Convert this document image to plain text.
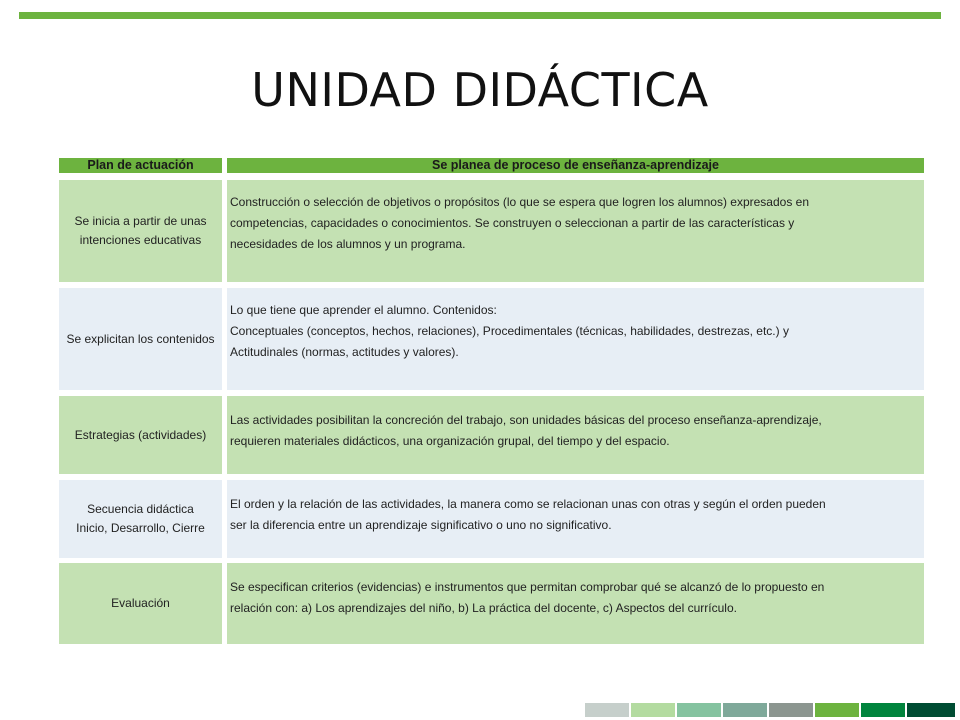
UNIDAD DIDÁCTICA
Plan de actuación	Se planea de proceso de enseñanza-aprendizaje
Se inicia a partir de unas
intenciones educativas
Construcción o selección de objetivos o propósitos (lo que se espera que logren los alumnos) expresados en
competencias, capacidades o conocimientos. Se construyen o seleccionan a partir de las características y
necesidades de los alumnos y un programa.
Se explicitan los contenidos
Lo que tiene que aprender el alumno. Contenidos:
Conceptuales (conceptos, hechos, relaciones), Procedimentales (técnicas, habilidades, destrezas, etc.) y
Actitudinales (normas, actitudes y valores).
Estrategias (actividades)
Las actividades posibilitan la concreción del trabajo, son unidades básicas del proceso enseñanza-aprendizaje,
requieren materiales didácticos, una organización grupal, del tiempo y del espacio.
Secuencia didáctica
Inicio, Desarrollo, Cierre
El orden y la relación de las actividades, la manera como se relacionan unas con otras y según el orden pueden
ser la diferencia entre un aprendizaje significativo o uno no significativo.
Evaluación
Se especifican criterios (evidencias) e instrumentos que permitan comprobar qué se alcanzó de lo propuesto en
relación con: a) Los aprendizajes del niño, b) La práctica del docente, c) Aspectos del currículo.
